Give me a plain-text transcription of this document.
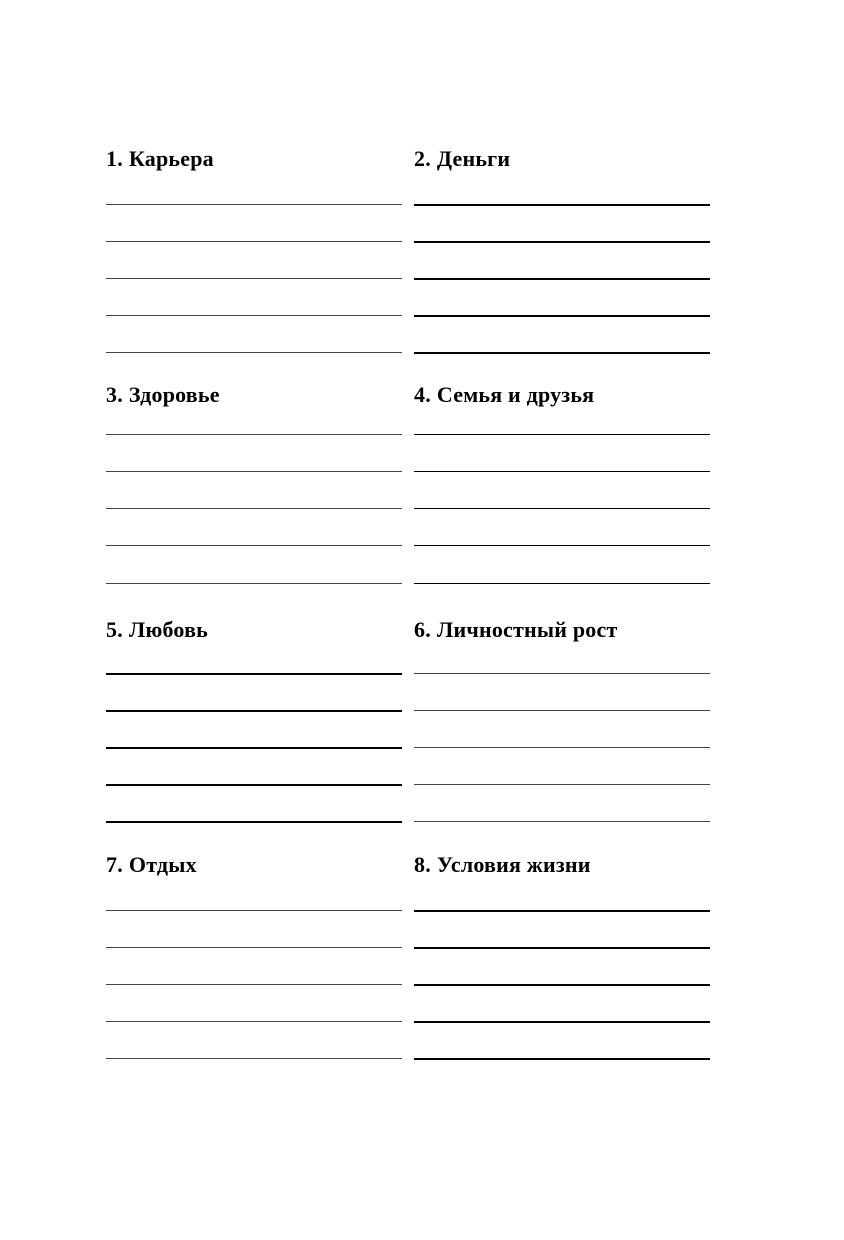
1. Карьера	2. Деньги
3. Здоровье	4. Семья и друзья
5. Любовь	6. Личностный рост
7. Отдых	8. Условия жизни
